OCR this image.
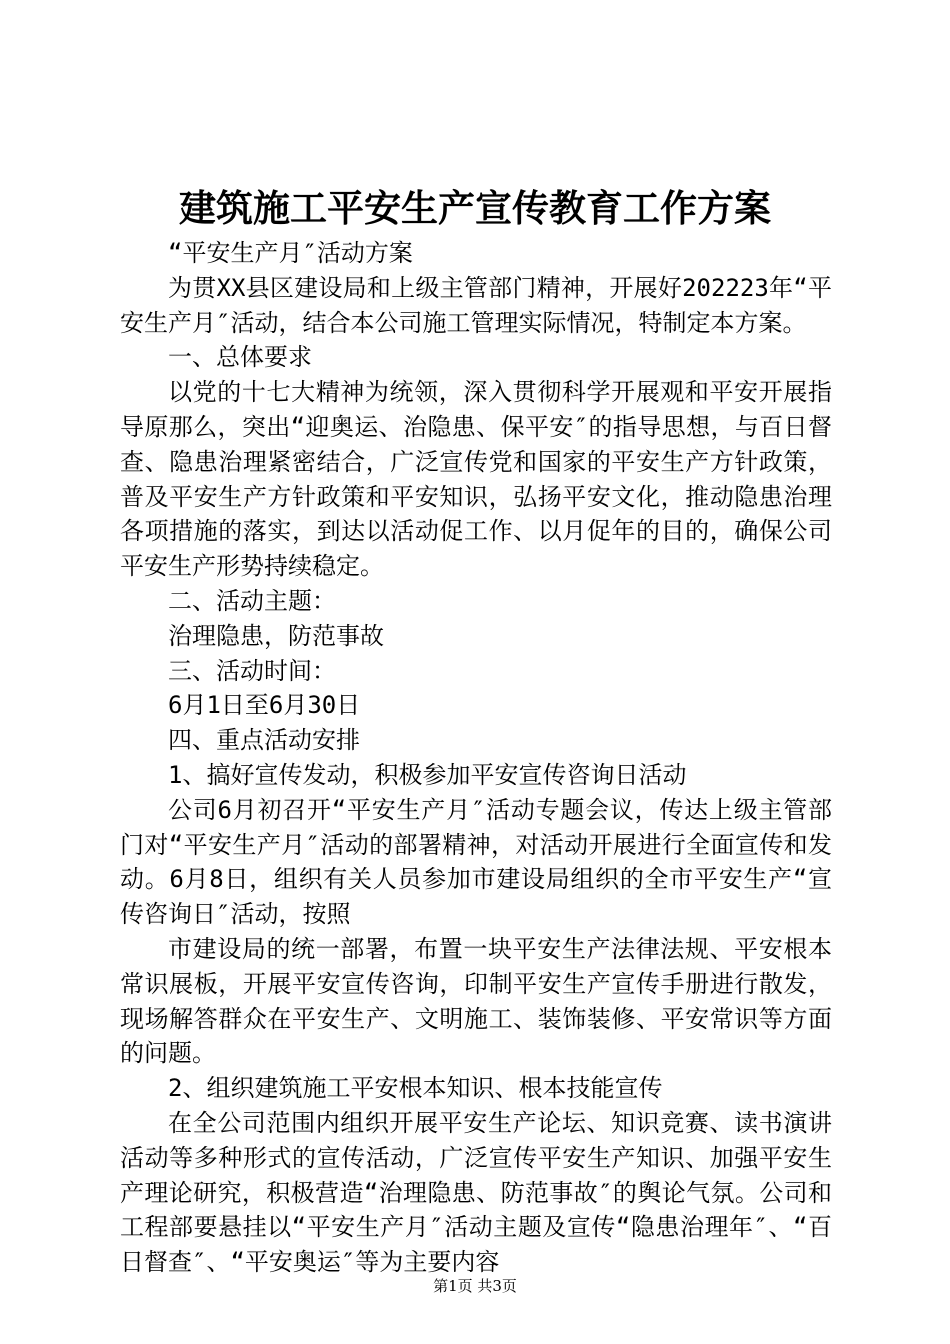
建筑施工平安生产宣传教育工作方案

“平安生产月″活动方案

为贯XX县区建设局和上级主管部门精神，开展好202223年“平安生产月″活动，结合本公司施工管理实际情况，特制定本方案。

一、总体要求

以党的十七大精神为统领，深入贯彻科学开展观和平安开展指导原那么，突出“迎奥运、治隐患、保平安″的指导思想，与百日督查、隐患治理紧密结合，广泛宣传党和国家的平安生产方针政策，普及平安生产方针政策和平安知识，弘扬平安文化，推动隐患治理各项措施的落实，到达以活动促工作、以月促年的目的，确保公司平安生产形势持续稳定。

二、活动主题：

治理隐患，防范事故

三、活动时间：

6月1日至6月30日

四、重点活动安排

1、搞好宣传发动，积极参加平安宣传咨询日活动

公司6月初召开“平安生产月″活动专题会议，传达上级主管部门对“平安生产月″活动的部署精神，对活动开展进行全面宣传和发动。6月8日，组织有关人员参加市建设局组织的全市平安生产“宣传咨询日″活动，按照

市建设局的统一部署，布置一块平安生产法律法规、平安根本常识展板，开展平安宣传咨询，印制平安生产宣传手册进行散发，现场解答群众在平安生产、文明施工、装饰装修、平安常识等方面的问题。

2、组织建筑施工平安根本知识、根本技能宣传

在全公司范围内组织开展平安生产论坛、知识竞赛、读书演讲活动等多种形式的宣传活动，广泛宣传平安生产知识、加强平安生产理论研究，积极营造“治理隐患、防范事故″的舆论气氛。公司和工程部要悬挂以“平安生产月″活动主题及宣传“隐患治理年″、“百日督查″、“平安奥运″等为主要内容

第1页 共3页
